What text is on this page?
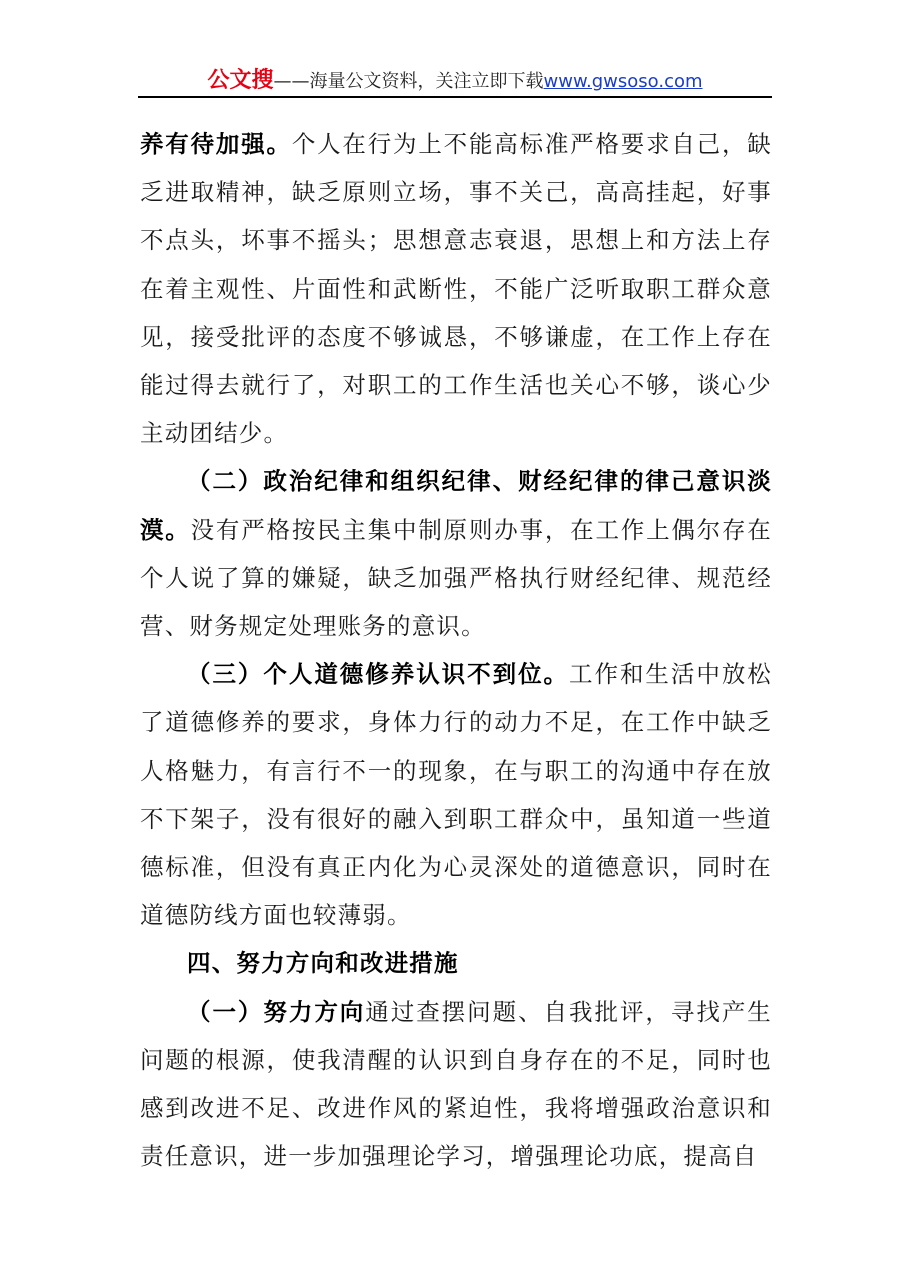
公文搜——海量公文资料，关注立即下载www.gwsoso.com

养有待加强。个人在行为上不能高标准严格要求自己，缺乏进取精神，缺乏原则立场，事不关己，高高挂起，好事不点头，坏事不摇头；思想意志衰退，思想上和方法上存在着主观性、片面性和武断性，不能广泛听取职工群众意见，接受批评的态度不够诚恳，不够谦虚，在工作上存在能过得去就行了，对职工的工作生活也关心不够，谈心少主动团结少。

（二）政治纪律和组织纪律、财经纪律的律己意识淡漠。没有严格按民主集中制原则办事，在工作上偶尔存在个人说了算的嫌疑，缺乏加强严格执行财经纪律、规范经营、财务规定处理账务的意识。

（三）个人道德修养认识不到位。工作和生活中放松了道德修养的要求，身体力行的动力不足，在工作中缺乏人格魅力，有言行不一的现象，在与职工的沟通中存在放不下架子，没有很好的融入到职工群众中，虽知道一些道德标准，但没有真正内化为心灵深处的道德意识，同时在道德防线方面也较薄弱。

四、努力方向和改进措施

（一）努力方向通过查摆问题、自我批评，寻找产生问题的根源，使我清醒的认识到自身存在的不足，同时也感到改进不足、改进作风的紧迫性，我将增强政治意识和责任意识，进一步加强理论学习，增强理论功底，提高自
